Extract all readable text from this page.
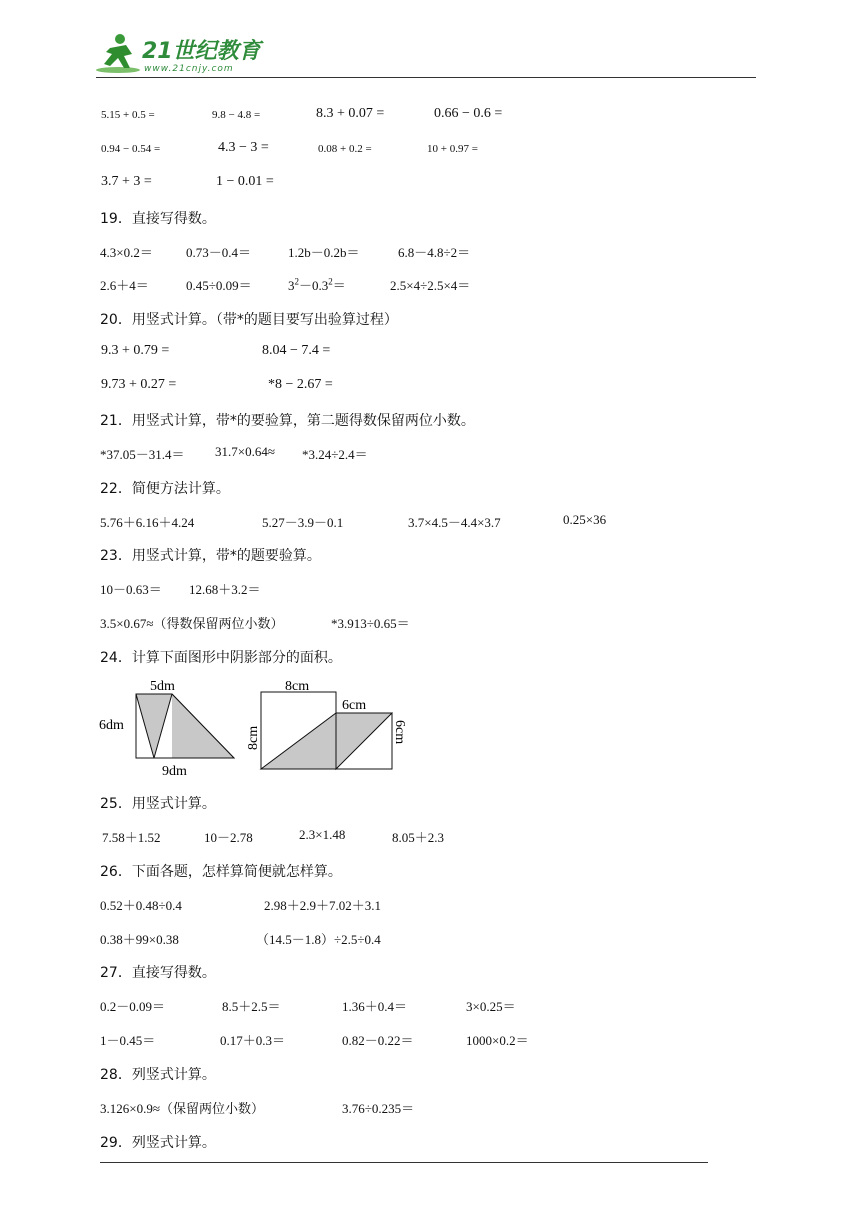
21世纪教育
www.21cnjy.com
5.15 + 0.5 =	9.8 − 4.8 =	8.3 + 0.07 =	0.66 − 0.6 =
0.94 − 0.54 =	4.3 − 3 =	0.08 + 0.2 =	10 + 0.97 =
3.7 + 3 =	1 − 0.01 =
19．直接写得数。
4.3×0.2＝	0.73－0.4＝	1.2b－0.2b＝	6.8－4.8÷2＝
2.6＋4＝	0.45÷0.09＝	$3^2-0.3^2=$	2.5×4÷2.5×4＝
20．用竖式计算。（带*的题目要写出验算过程）
9.3 + 0.79 =	8.04 − 7.4 =
9.73 + 0.27 =	*8 − 2.67 =
21．用竖式计算，带*的要验算，第二题得数保留两位小数。
*37.05－31.4＝ 31.7×0.64≈ *3.24÷2.4＝
22．简便方法计算。
5.76＋6.16＋4.24	5.27－3.9－0.1	3.7×4.5－4.4×3.7	0.25×36
23．用竖式计算，带*的题要验算。
10－0.63＝ 12.68＋3.2＝
3.5×0.67≈（得数保留两位小数）	*3.913÷0.65＝
24．计算下面图形中阴影部分的面积。
5dm
6dm
9dm
8cm
6cm
8cm	6cm
25．用竖式计算。
7.58＋1.52	10－2.78	2.3×1.48	8.05＋2.3
26．下面各题，怎样算简便就怎样算。
0.52＋0.48÷0.4	2.98＋2.9＋7.02＋3.1
0.38＋99×0.38	（14.5－1.8）÷2.5÷0.4
27．直接写得数。
0.2－0.09＝	8.5＋2.5＝	1.36＋0.4＝	3×0.25＝
1－0.45＝	0.17＋0.3＝	0.82－0.22＝	1000×0.2＝
28．列竖式计算。
3.126×0.9≈（保留两位小数）	3.76÷0.235＝
29．列竖式计算。
